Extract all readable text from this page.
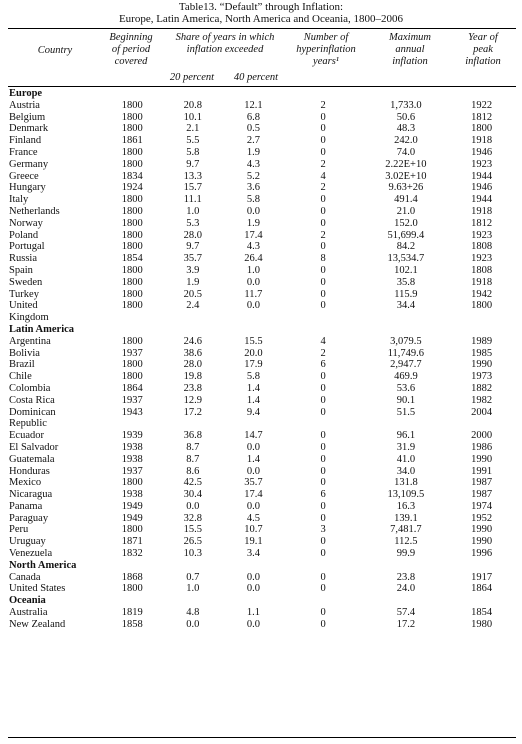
Table13. “Default” through Inflation:
Europe, Latin America, North America and Oceania, 1800–2006
Country
Beginning
of period
covered
Share of years in which
inflation exceeded
20 percent	40 percent
Number of
hyperinflation
years¹
Maximum
annual
inflation
Year of
peak
inflation
Europe						
Austria	1800	20.8	12.1	2	1,733.0	1922
Belgium	1800	10.1	6.8	0	50.6	1812
Denmark	1800	2.1	0.5	0	48.3	1800
Finland	1861	5.5	2.7	0	242.0	1918
France	1800	5.8	1.9	0	74.0	1946
Germany	1800	9.7	4.3	2	2.22E+10	1923
Greece	1834	13.3	5.2	4	3.02E+10	1944
Hungary	1924	15.7	3.6	2	9.63+26	1946
Italy	1800	11.1	5.8	0	491.4	1944
Netherlands	1800	1.0	0.0	0	21.0	1918
Norway	1800	5.3	1.9	0	152.0	1812
Poland	1800	28.0	17.4	2	51,699.4	1923
Portugal	1800	9.7	4.3	0	84.2	1808
Russia	1854	35.7	26.4	8	13,534.7	1923
Spain	1800	3.9	1.0	0	102.1	1808
Sweden	1800	1.9	0.0	0	35.8	1918
Turkey	1800	20.5	11.7	0	115.9	1942
United	1800	2.4	0.0	0	34.4	1800
Kingdom						
Latin America						
Argentina	1800	24.6	15.5	4	3,079.5	1989
Bolivia	1937	38.6	20.0	2	11,749.6	1985
Brazil	1800	28.0	17.9	6	2,947.7	1990
Chile	1800	19.8	5.8	0	469.9	1973
Colombia	1864	23.8	1.4	0	53.6	1882
Costa Rica	1937	12.9	1.4	0	90.1	1982
Dominican	1943	17.2	9.4	0	51.5	2004
Republic						
Ecuador	1939	36.8	14.7	0	96.1	2000
El Salvador	1938	8.7	0.0	0	31.9	1986
Guatemala	1938	8.7	1.4	0	41.0	1990
Honduras	1937	8.6	0.0	0	34.0	1991
Mexico	1800	42.5	35.7	0	131.8	1987
Nicaragua	1938	30.4	17.4	6	13,109.5	1987
Panama	1949	0.0	0.0	0	16.3	1974
Paraguay	1949	32.8	4.5	0	139.1	1952
Peru	1800	15.5	10.7	3	7,481.7	1990
Uruguay	1871	26.5	19.1	0	112.5	1990
Venezuela	1832	10.3	3.4	0	99.9	1996
North America						
Canada	1868	0.7	0.0	0	23.8	1917
United States	1800	1.0	0.0	0	24.0	1864
Oceania						
Australia	1819	4.8	1.1	0	57.4	1854
New Zealand	1858	0.0	0.0	0	17.2	1980
